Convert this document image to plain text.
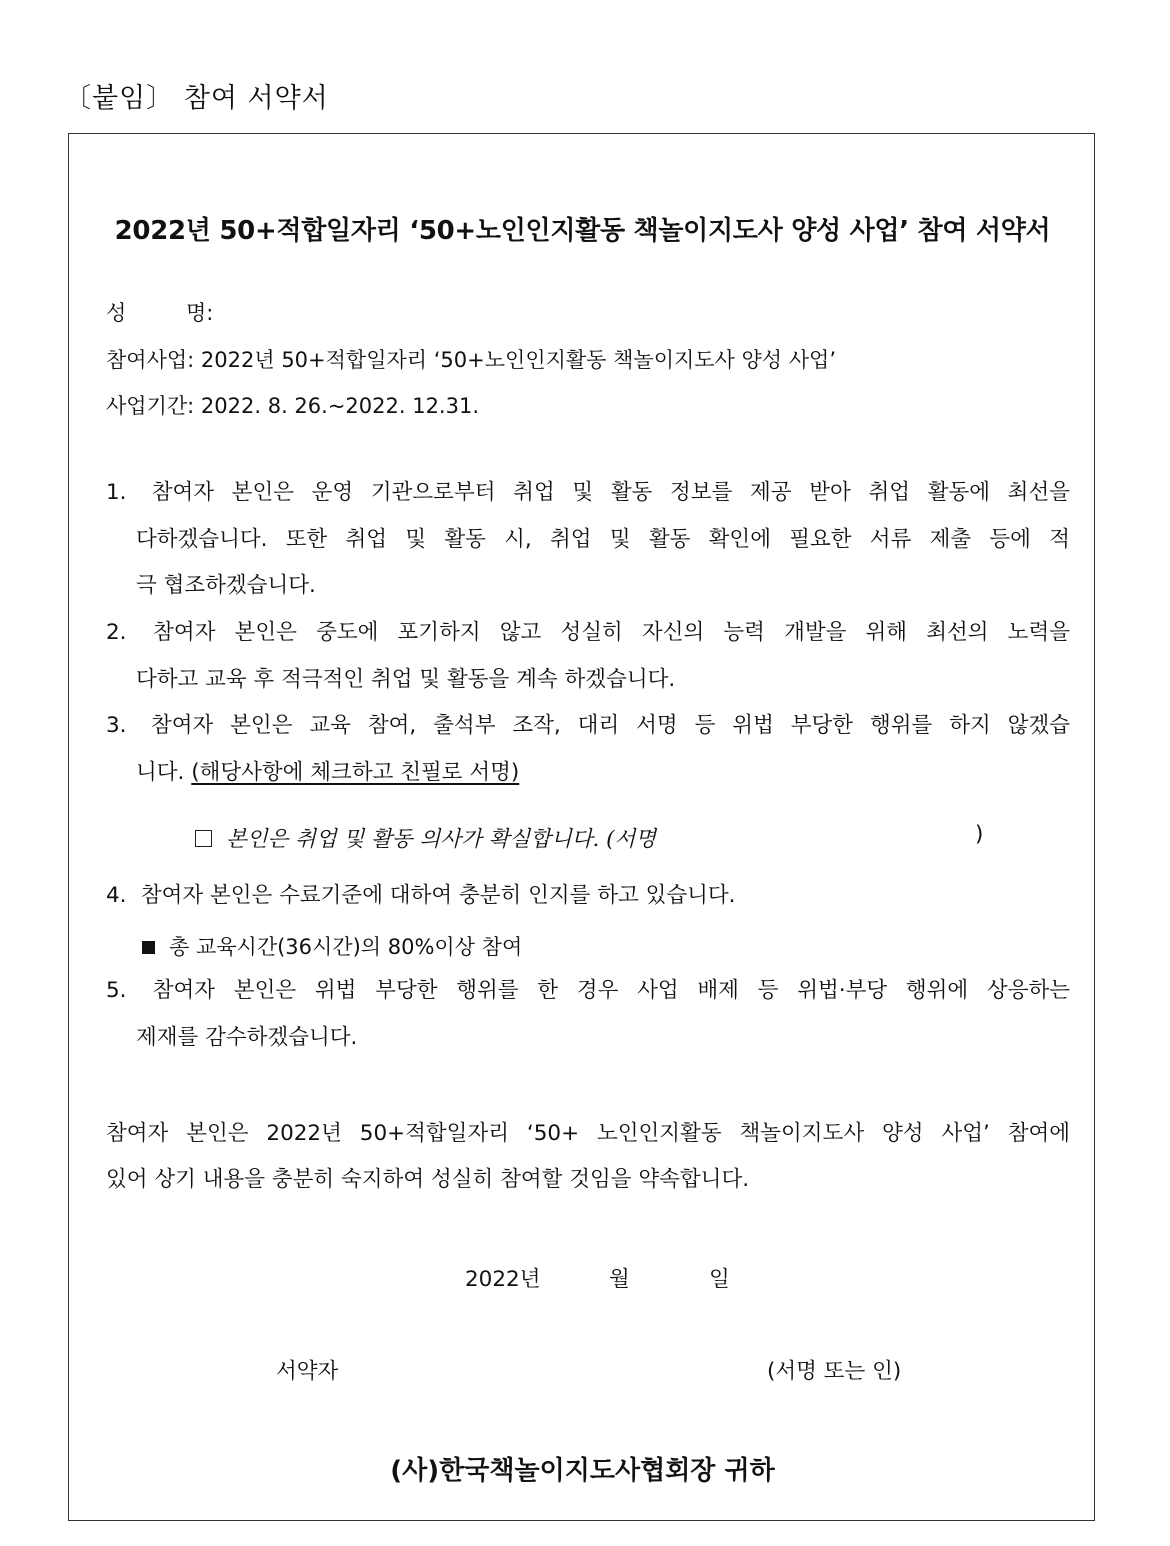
〔붙임〕 참여 서약서
2022년 50+적합일자리 ‘50+노인인지활동 책놀이지도사 양성 사업’ 참여 서약서
성	명:
참여사업: 2022년 50+적합일자리 ‘50+노인인지활동 책놀이지도사 양성 사업’
사업기간: 2022. 8. 26.~2022. 12.31.
1. 참여자 본인은 운영 기관으로부터 취업 및 활동 정보를 제공 받아 취업 활동에 최선을
다하겠습니다. 또한 취업 및 활동 시, 취업 및 활동 확인에 필요한 서류 제출 등에 적
극 협조하겠습니다.
2. 참여자 본인은 중도에 포기하지 않고 성실히 자신의 능력 개발을 위해 최선의 노력을
다하고 교육 후 적극적인 취업 및 활동을 계속 하겠습니다.
3. 참여자 본인은 교육 참여, 출석부 조작, 대리 서명 등 위법 부당한 행위를 하지 않겠습
니다. (해당사항에 체크하고 친필로 서명)
본인은 취업 및 활동 의사가 확실합니다. (서명	)
4. 참여자 본인은 수료기준에 대하여 충분히 인지를 하고 있습니다.
총 교육시간(36시간)의 80%이상 참여
5. 참여자 본인은 위법 부당한 행위를 한 경우 사업 배제 등 위법·부당 행위에 상응하는
제재를 감수하겠습니다.
참여자 본인은 2022년 50+적합일자리 ‘50+ 노인인지활동 책놀이지도사 양성 사업’ 참여에
있어 상기 내용을 충분히 숙지하여 성실히 참여할 것임을 약속합니다.
2022년	월	일
서약자	(서명 또는 인)
(사)한국책놀이지도사협회장 귀하
